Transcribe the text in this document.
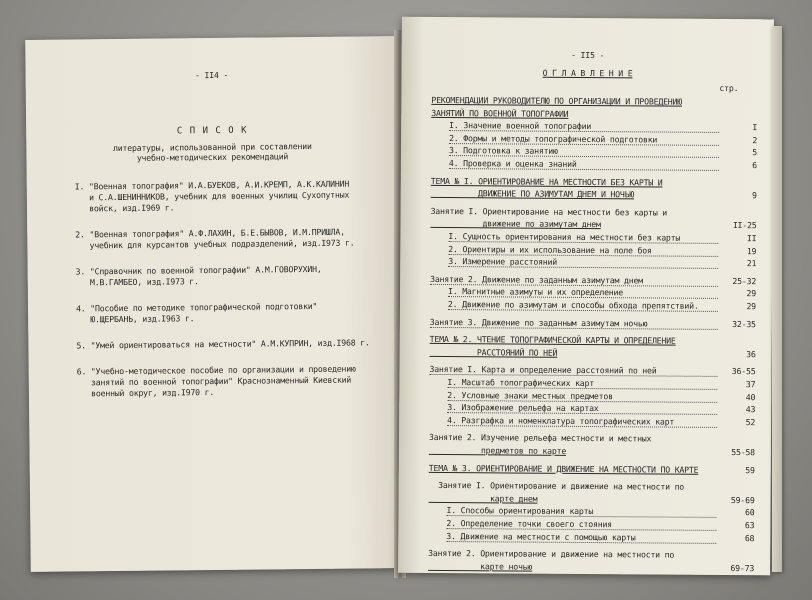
- II4 -
С П И С О К
литературы, использованной при составлении
учебно-методических рекомендаций
I. "Военная топография" И.А.БУЕКОВ, А.И.КРЕМП, А.К.КАЛИНИН
и С.А.ШЕНИННИКОВ, учебник для военных училищ Сухопутных
войск, изд.I969 г.
2. "Военная топография" А.Ф.ЛАХИН, Б.Е.БЫВОВ, И.М.ПРИШЛА,
учебник для курсантов учебных подразделений, изд.I973 г.
3. "Справочник по военной топографии" А.М.ГОВОРУХИН,
М.В.ГАМБЕО, изд.I973 г.
4. "Пособие по методике топографической подготовки"
Ю.ЩЕРБАНЬ, изд.I963 г.
5. "Умей ориентироваться на местности" А.М.КУПРИН, изд.I968 г.
6. "Учебно-методическое пособие по организации и проведению
занятий по военной топографии" Краснознаменный Киевский
военный округ, изд.I970 г.
- II5 -
О Г Л А В Л Е Н И Е
стр.
РЕКОМЕНДАЦИИ РУКОВОДИТЕЛЮ ПО ОРГАНИЗАЦИИ И ПРОВЕДЕНИЮ
ЗАНЯТИЙ ПО ВОЕННОЙ ТОПОГРАФИИ
I. Значение военной топографии	I
2. Формы и методы топографической подготовки	2
3. Подготовка к занятию	5
4. Проверка и оценка знаний	6
ТЕМА № I. ОРИЕНТИРОВАНИЕ НА МЕСТНОСТИ БЕЗ КАРТЫ И
ДВИЖЕНИЕ ПО АЗИМУТАМ ДНЕМ И НОЧЬЮ	9
Занятие I. Ориентирование на местности без карты и
движение по азимутам днем	II-25
I. Сущность ориентирования на местности без карты	II
2. Ориентиры и их использование на поле боя	19
3. Измерение расстояний	21
Занятие 2. Движение по заданным азимутам днем	25-32
I. Магнитные азимуты и их определение	29
2. Движение по азимутам и способы обхода препятствий.	29
Занятие 3. Движение по заданным азимутам ночью	32-35
ТЕМА № 2. ЧТЕНИЕ ТОПОГРАФИЧЕСКОЙ КАРТЫ И ОПРЕДЕЛЕНИЕ
РАССТОЯНИЙ ПО НЕЙ	36
Занятие I. Карта и определение расстояний по ней	36-55
I. Масштаб топографических карт	37
2. Условные знаки местных предметов	40
3. Изображение рельефа на картах	43
4. Разграфка и номенклатура топографических карт	52
Занятие 2. Изучение рельефа местности и местных
предметов по карте	55-58
ТЕМА № 3. ОРИЕНТИРОВАНИЕ И ДВИЖЕНИЕ НА МЕСТНОСТИ ПО КАРТЕ	59
Занятие I. Ориентирование и движение на местности по
карте днем	59-69
I. Способы ориентирования карты	60
2. Определение точки своего стояния	63
3. Движение на местности с помощью карты	68
Занятие 2. Ориентирование и движение на местности по
карте ночью	69-73
